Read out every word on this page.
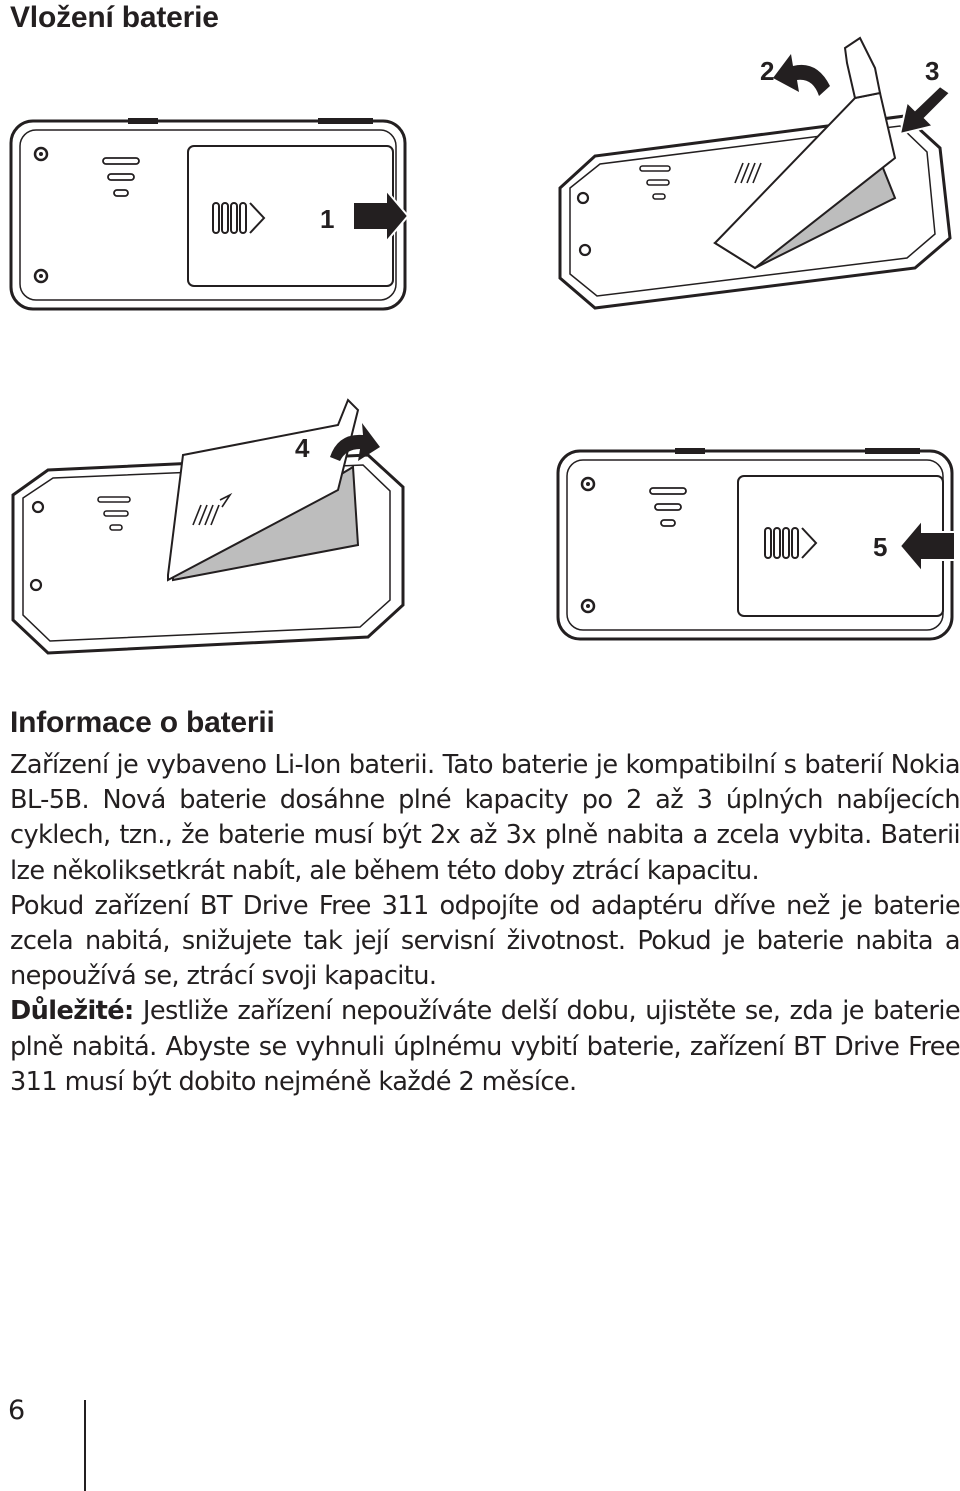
Vložení baterie
1
2	3
4
5
Informace o baterii

Zařízení je vybaveno Li-Ion baterii. Tato baterie je kompatibilní s baterií Nokia BL-5B. Nová baterie dosáhne plné kapacity po 2 až 3 úplných nabíjecích cyklech, tzn., že baterie musí být 2x až 3x plně nabita a zcela vybita. Baterii lze několiksetkrát nabít, ale během této doby ztrácí kapacitu.

Pokud zařízení BT Drive Free 311 odpojíte od adaptéru dříve než je baterie zcela nabitá, snižujete tak její servisní životnost. Pokud je baterie nabita a nepoužívá se, ztrácí svoji kapacitu.

Důležité: Jestliže zařízení nepoužíváte delší dobu, ujistěte se, zda je baterie plně nabitá. Abyste se vyhnuli úplnému vybití baterie, zařízení BT Drive Free 311 musí být dobito nejméně každé 2 měsíce.

6
